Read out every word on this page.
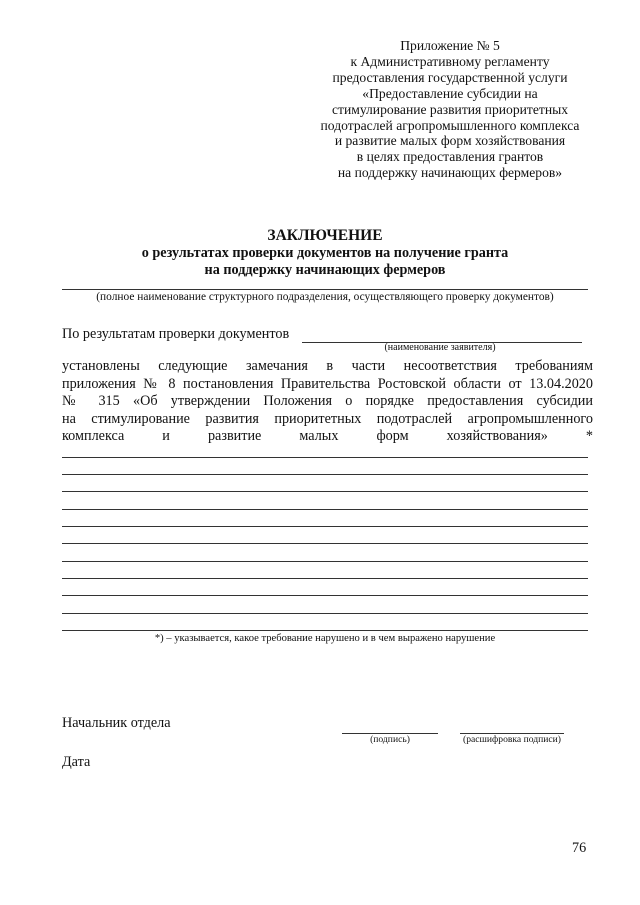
Приложение № 5
к Административному регламенту
предоставления государственной услуги
«Предоставление субсидии на
стимулирование развития приоритетных
подотраслей агропромышленного комплекса
и развитие малых форм хозяйствования
в целях предоставления грантов
на поддержку начинающих фермеров»
ЗАКЛЮЧЕНИЕ
о результатах проверки документов на получение гранта
на поддержку начинающих фермеров
(полное наименование структурного подразделения, осуществляющего проверку документов)
По результатам проверки документов
(наименование заявителя)
установлены следующие замечания в части несоответствия требованиям
приложения № 8 постановления Правительства Ростовской области от 13.04.2020
№ 315 «Об утверждении Положения о порядке предоставления субсидии
на стимулирование развития приоритетных подотраслей агропромышленного
комплекса и развитие малых форм хозяйствования» *
*) – указывается, какое требование нарушено и в чем выражено нарушение
Начальник отдела
(подпись)	(расшифровка подписи)
Дата
76
